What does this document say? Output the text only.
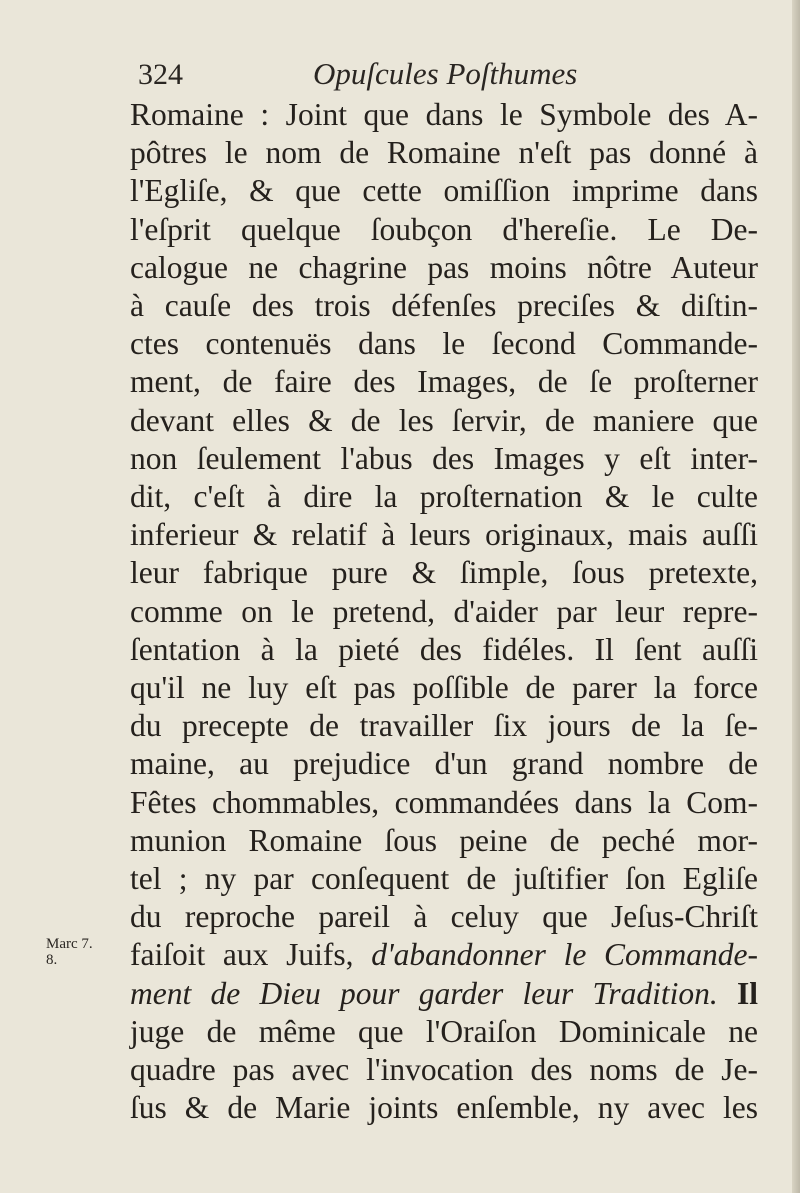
324	Opuſcules Poſthumes
Marc 7.
8.
Romaine : Joint que dans le Symbole des A-
pôtres le nom de Romaine n'eſt pas donné à
l'Egliſe, & que cette omiſſion imprime dans
l'eſprit quelque ſoubçon d'hereſie. Le De-
calogue ne chagrine pas moins nôtre Auteur
à cauſe des trois défenſes preciſes & diſtin-
ctes contenuës dans le ſecond Commande-
ment, de faire des Images, de ſe proſterner
devant elles & de les ſervir, de maniere que
non ſeulement l'abus des Images y eſt inter-
dit, c'eſt à dire la proſternation & le culte
inferieur & relatif à leurs originaux, mais auſſi
leur fabrique pure & ſimple, ſous pretexte,
comme on le pretend, d'aider par leur repre-
ſentation à la pieté des fidéles. Il ſent auſſi
qu'il ne luy eſt pas poſſible de parer la force
du precepte de travailler ſix jours de la ſe-
maine, au prejudice d'un grand nombre de
Fêtes chommables, commandées dans la Com-
munion Romaine ſous peine de peché mor-
tel ; ny par conſequent de juſtifier ſon Egliſe
du reproche pareil à celuy que Jeſus-Chriſt
faiſoit aux Juifs, d'abandonner le Commande-
ment de Dieu pour garder leur Tradition. Il
juge de même que l'Oraiſon Dominicale ne
quadre pas avec l'invocation des noms de Je-
ſus & de Marie joints enſemble, ny avec les
